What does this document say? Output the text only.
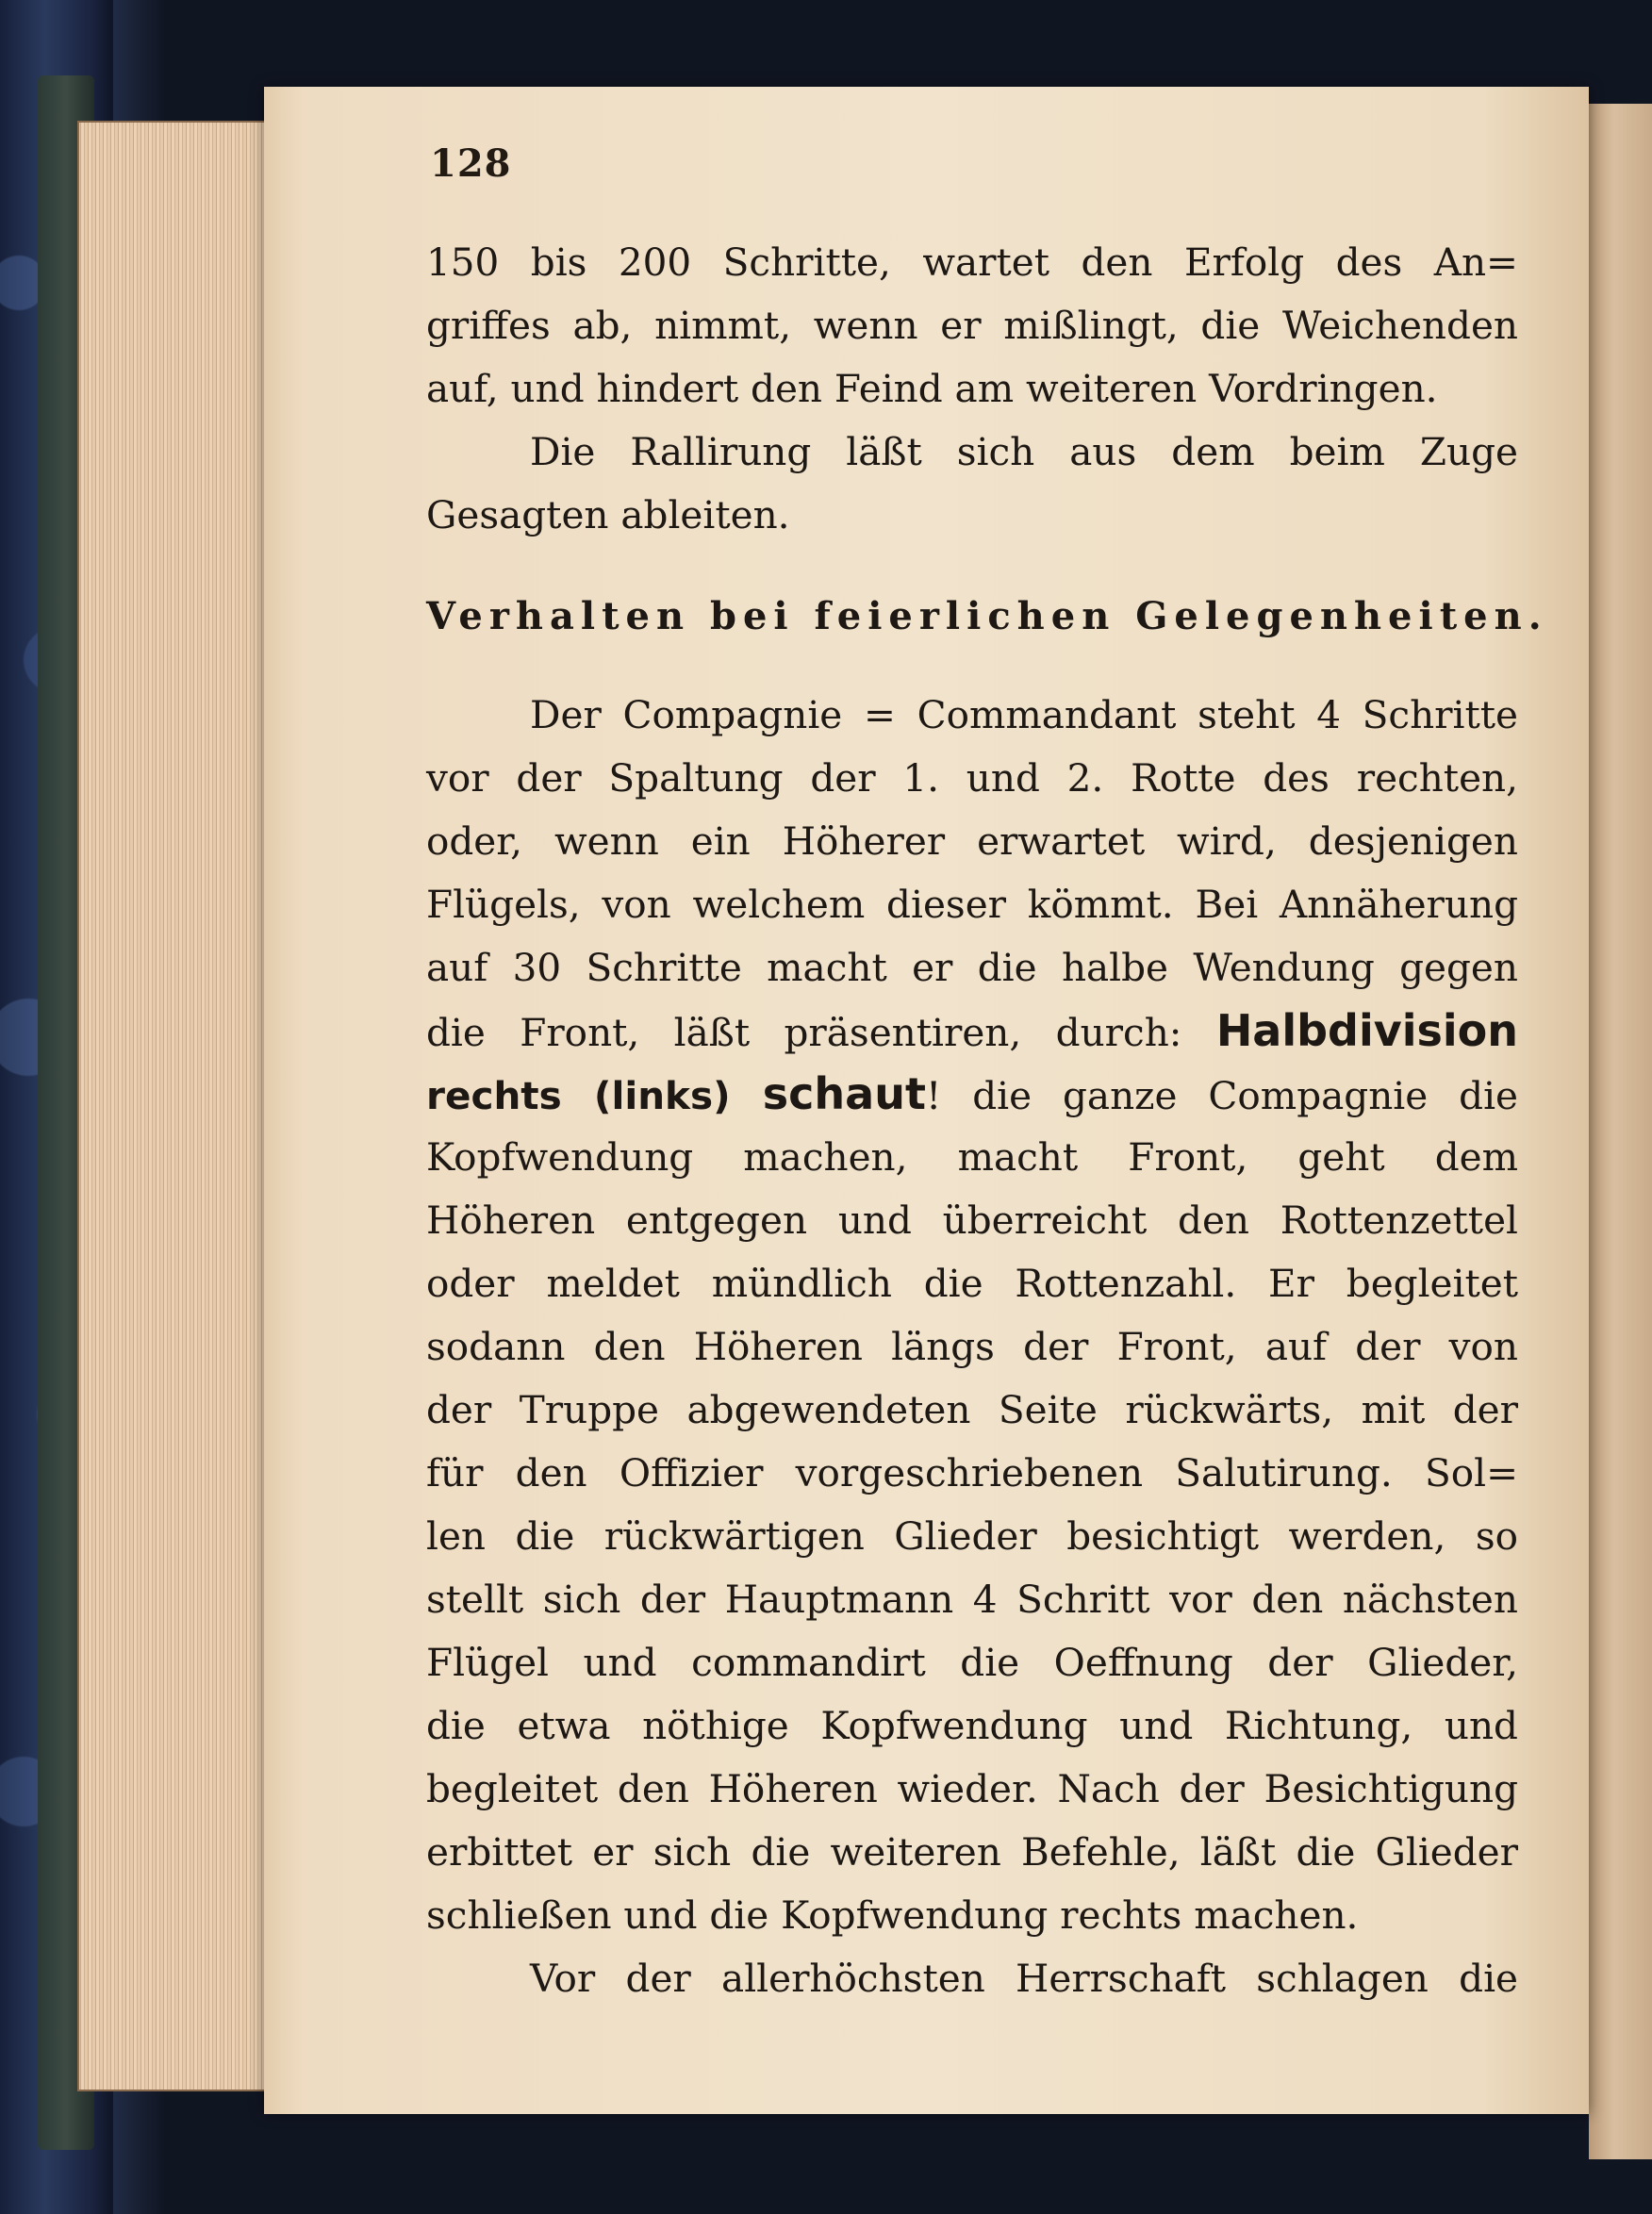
128
150 bis 200 Schritte, wartet den Erfolg des An=
griffes ab, nimmt, wenn er mißlingt, die Weichenden
auf, und hindert den Feind am weiteren Vordringen.
Die Rallirung läßt sich aus dem beim Zuge
Gesagten ableiten.
Verhalten bei feierlichen Gelegenheiten.
Der Compagnie = Commandant steht 4 Schritte
vor der Spaltung der 1. und 2. Rotte des rechten,
oder, wenn ein Höherer erwartet wird, desjenigen
Flügels, von welchem dieser kömmt. Bei Annäherung
auf 30 Schritte macht er die halbe Wendung gegen
die Front, läßt präsentiren, durch: Halbdivision
rechts (links) schaut! die ganze Compagnie die
Kopfwendung machen, macht Front, geht dem
Höheren entgegen und überreicht den Rottenzettel
oder meldet mündlich die Rottenzahl. Er begleitet
sodann den Höheren längs der Front, auf der von
der Truppe abgewendeten Seite rückwärts, mit der
für den Offizier vorgeschriebenen Salutirung. Sol=
len die rückwärtigen Glieder besichtigt werden, so
stellt sich der Hauptmann 4 Schritt vor den nächsten
Flügel und commandirt die Oeffnung der Glieder,
die etwa nöthige Kopfwendung und Richtung, und
begleitet den Höheren wieder. Nach der Besichtigung
erbittet er sich die weiteren Befehle, läßt die Glieder
schließen und die Kopfwendung rechts machen.
Vor der allerhöchsten Herrschaft schlagen die
